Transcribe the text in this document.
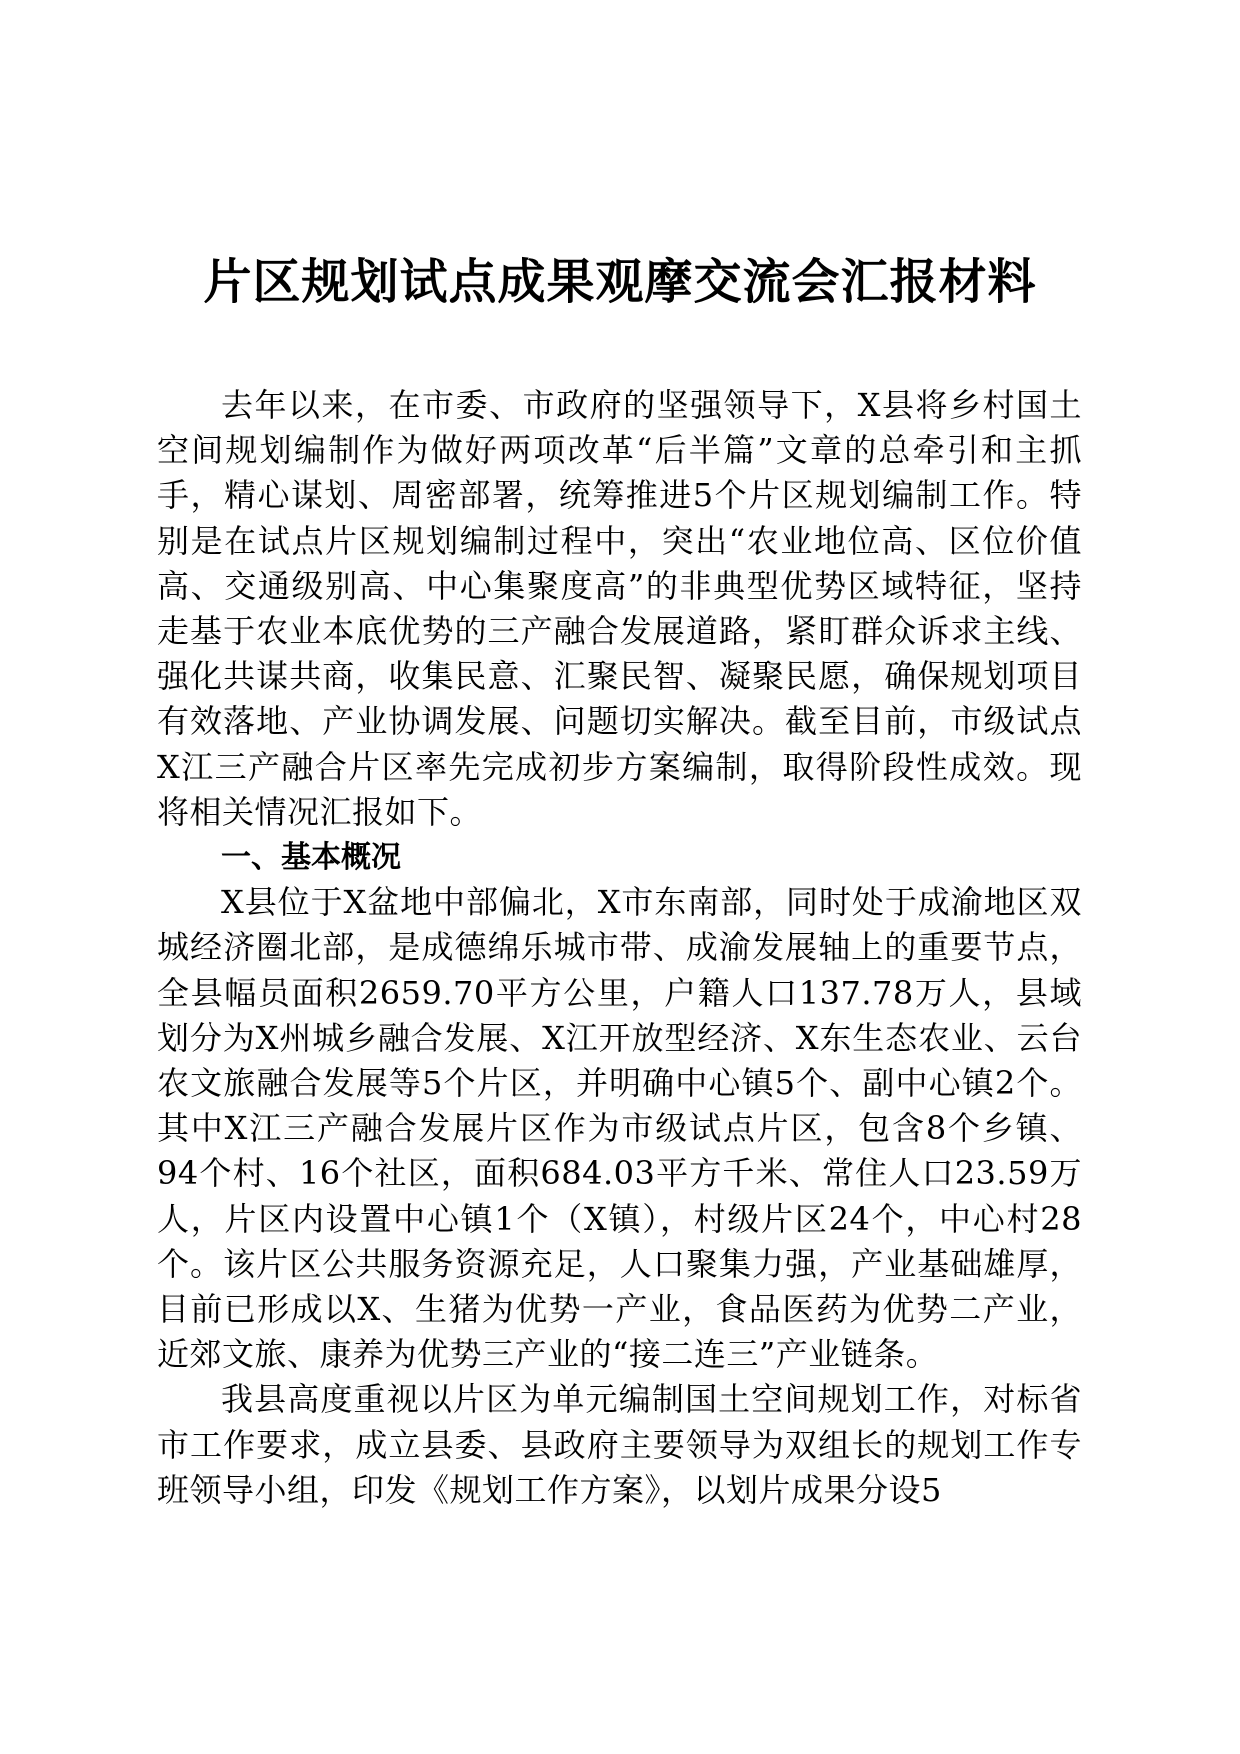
片区规划试点成果观摩交流会汇报材料

去年以来，在市委、市政府的坚强领导下，X县将乡村国土空间规划编制作为做好两项改革“后半篇”文章的总牵引和主抓手，精心谋划、周密部署，统筹推进5个片区规划编制工作。特别是在试点片区规划编制过程中，突出“农业地位高、区位价值高、交通级别高、中心集聚度高”的非典型优势区域特征，坚持走基于农业本底优势的三产融合发展道路，紧盯群众诉求主线、强化共谋共商，收集民意、汇聚民智、凝聚民愿，确保规划项目有效落地、产业协调发展、问题切实解决。截至目前，市级试点X江三产融合片区率先完成初步方案编制，取得阶段性成效。现将相关情况汇报如下。

一、基本概况

X县位于X盆地中部偏北，X市东南部，同时处于成渝地区双城经济圈北部，是成德绵乐城市带、成渝发展轴上的重要节点，全县幅员面积2659.70平方公里，户籍人口137.78万人，县域划分为X州城乡融合发展、X江开放型经济、X东生态农业、云台农文旅融合发展等5个片区，并明确中心镇5个、副中心镇2个。其中X江三产融合发展片区作为市级试点片区，包含8个乡镇、94个村、16个社区，面积684.03平方千米、常住人口23.59万人，片区内设置中心镇1个（X镇），村级片区24个，中心村28个。该片区公共服务资源充足，人口聚集力强，产业基础雄厚，目前已形成以X、生猪为优势一产业，食品医药为优势二产业，近郊文旅、康养为优势三产业的“接二连三”产业链条。

我县高度重视以片区为单元编制国土空间规划工作，对标省市工作要求，成立县委、县政府主要领导为双组长的规划工作专班领导小组，印发《规划工作方案》，以划片成果分设5
